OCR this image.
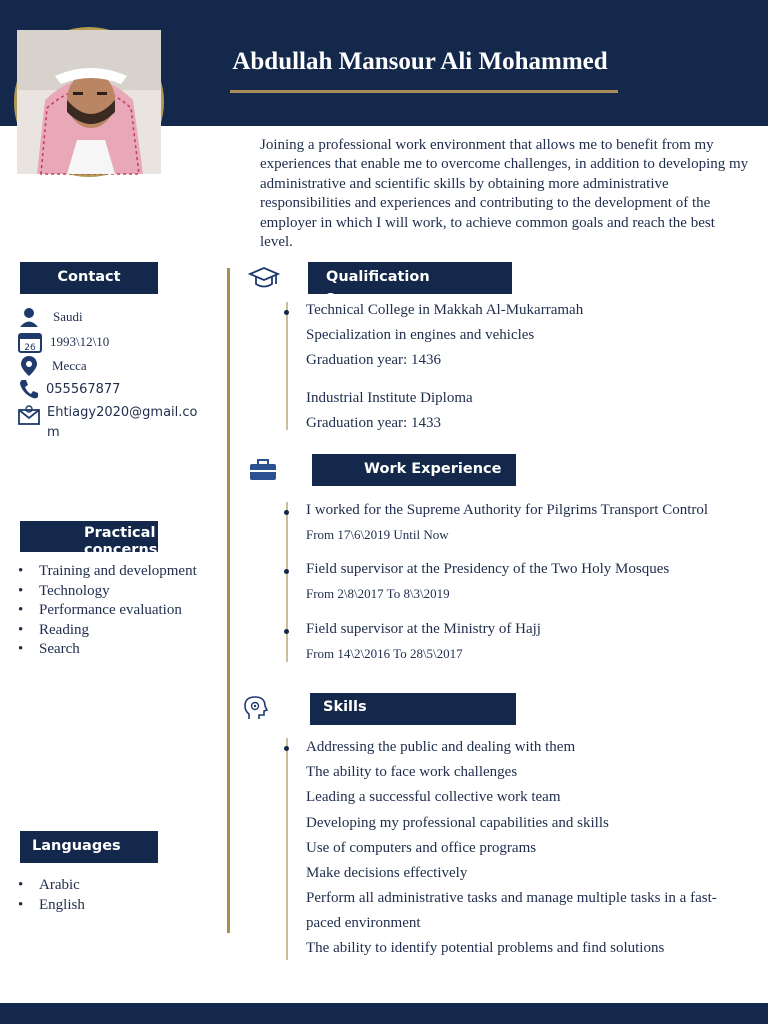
Abdullah Mansour Ali Mohammed
Joining a professional work environment that allows me to benefit from my experiences that enable me to overcome challenges, in addition to developing my administrative and scientific skills by obtaining more administrative responsibilities and experiences and contributing to the development of the employer in which I will work, to achieve common goals and reach the best level.
Contact
Saudi
26 1993\12\10
Mecca
055567877
Ehtiagy2020@gmail.com
Practical concerns
• Training and development
• Technology
• Performance evaluation
• Reading
• Search
Languages
• Arabic
• English
Qualifications
Technical College in Makkah Al-Mukarramah
Specialization in engines and vehicles
Graduation year: 1436
Industrial Institute Diploma
Graduation year: 1433
Work Experience
I worked for the Supreme Authority for Pilgrims Transport Control
From 17\6\2019 Until Now
Field supervisor at the Presidency of the Two Holy Mosques
From 2\8\2017 To 8\3\2019
Field supervisor at the Ministry of Hajj
From 14\2\2016 To 28\5\2017
Skills
Addressing the public and dealing with them
The ability to face work challenges
Leading a successful collective work team
Developing my professional capabilities and skills
Use of computers and office programs
Make decisions effectively
Perform all administrative tasks and manage multiple tasks in a fast-
paced environment
The ability to identify potential problems and find solutions
